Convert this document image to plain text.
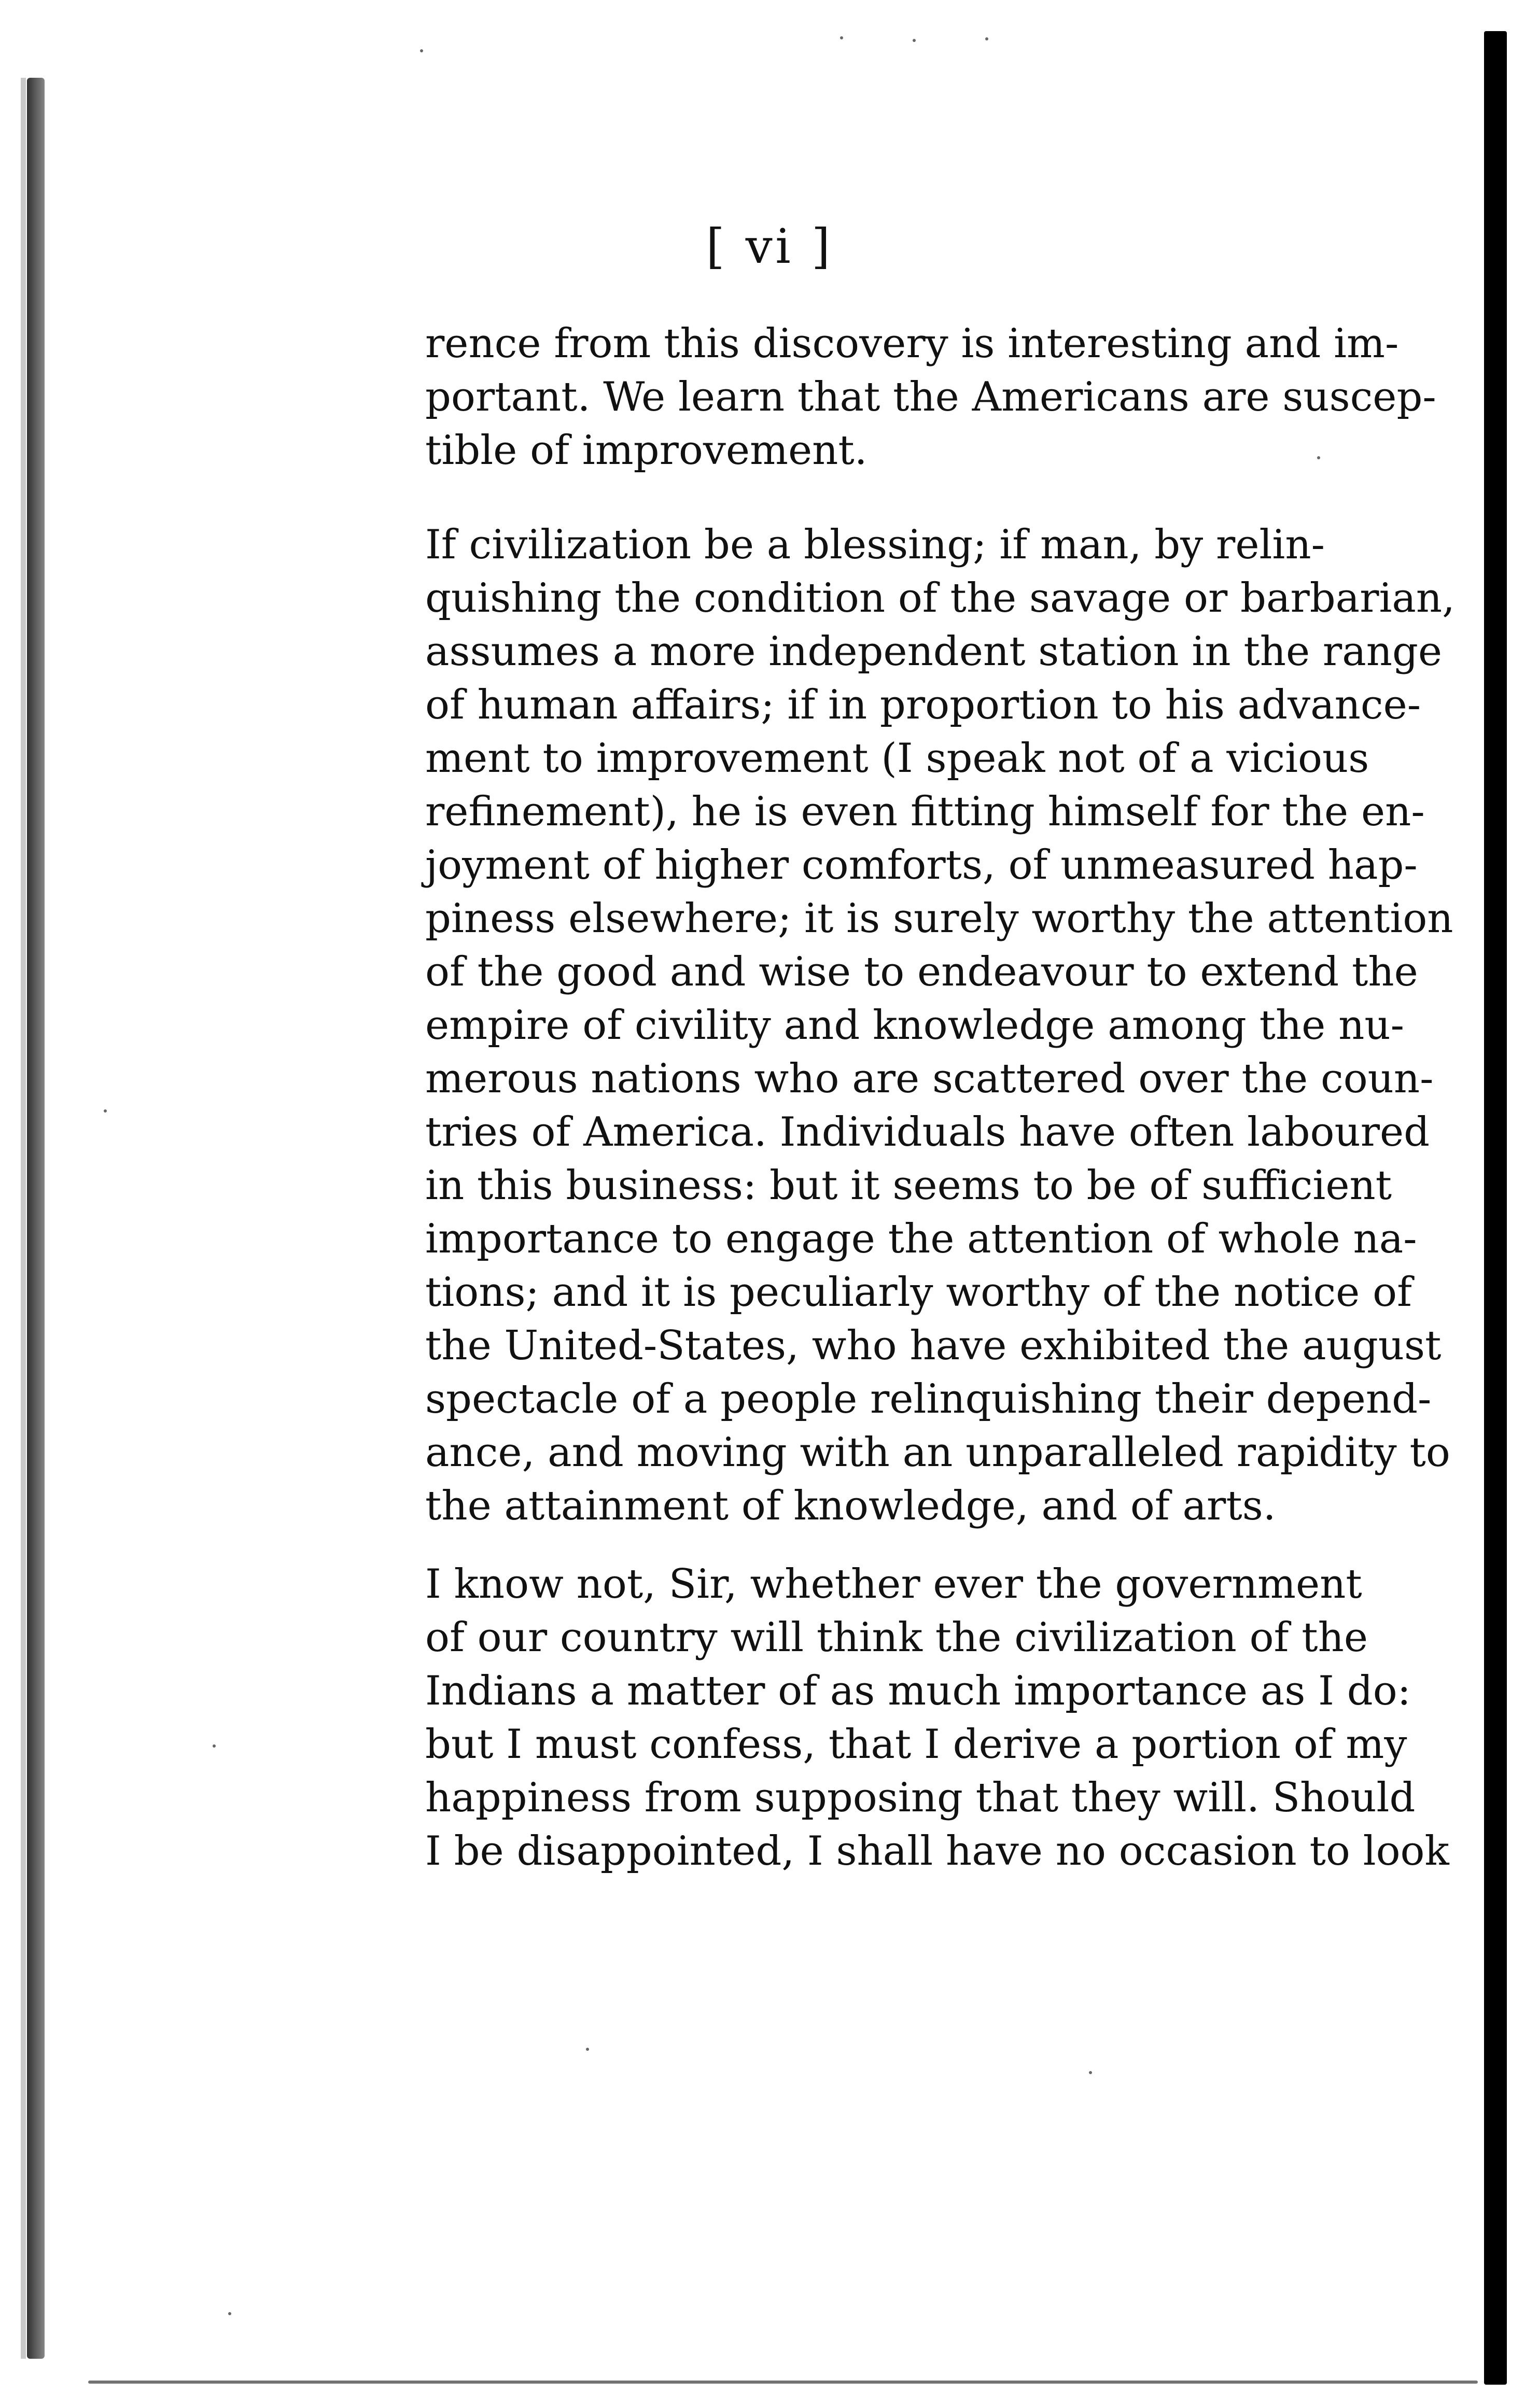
[ vi ]
rence from this discovery is interesting and im-
portant. We learn that the Americans are suscep-
tible of improvement.
If civilization be a blessing; if man, by relin-
quishing the condition of the savage or barbarian,
assumes a more independent station in the range
of human affairs; if in proportion to his advance-
ment to improvement (I speak not of a vicious
refinement), he is even fitting himself for the en-
joyment of higher comforts, of unmeasured hap-
piness elsewhere; it is surely worthy the attention
of the good and wise to endeavour to extend the
empire of civility and knowledge among the nu-
merous nations who are scattered over the coun-
tries of America. Individuals have often laboured
in this business: but it seems to be of sufficient
importance to engage the attention of whole na-
tions; and it is peculiarly worthy of the notice of
the United-States, who have exhibited the august
spectacle of a people relinquishing their depend-
ance, and moving with an unparalleled rapidity to
the attainment of knowledge, and of arts.
I know not, Sir, whether ever the government
of our country will think the civilization of the
Indians a matter of as much importance as I do:
but I must confess, that I derive a portion of my
happiness from supposing that they will. Should
I be disappointed, I shall have no occasion to look
